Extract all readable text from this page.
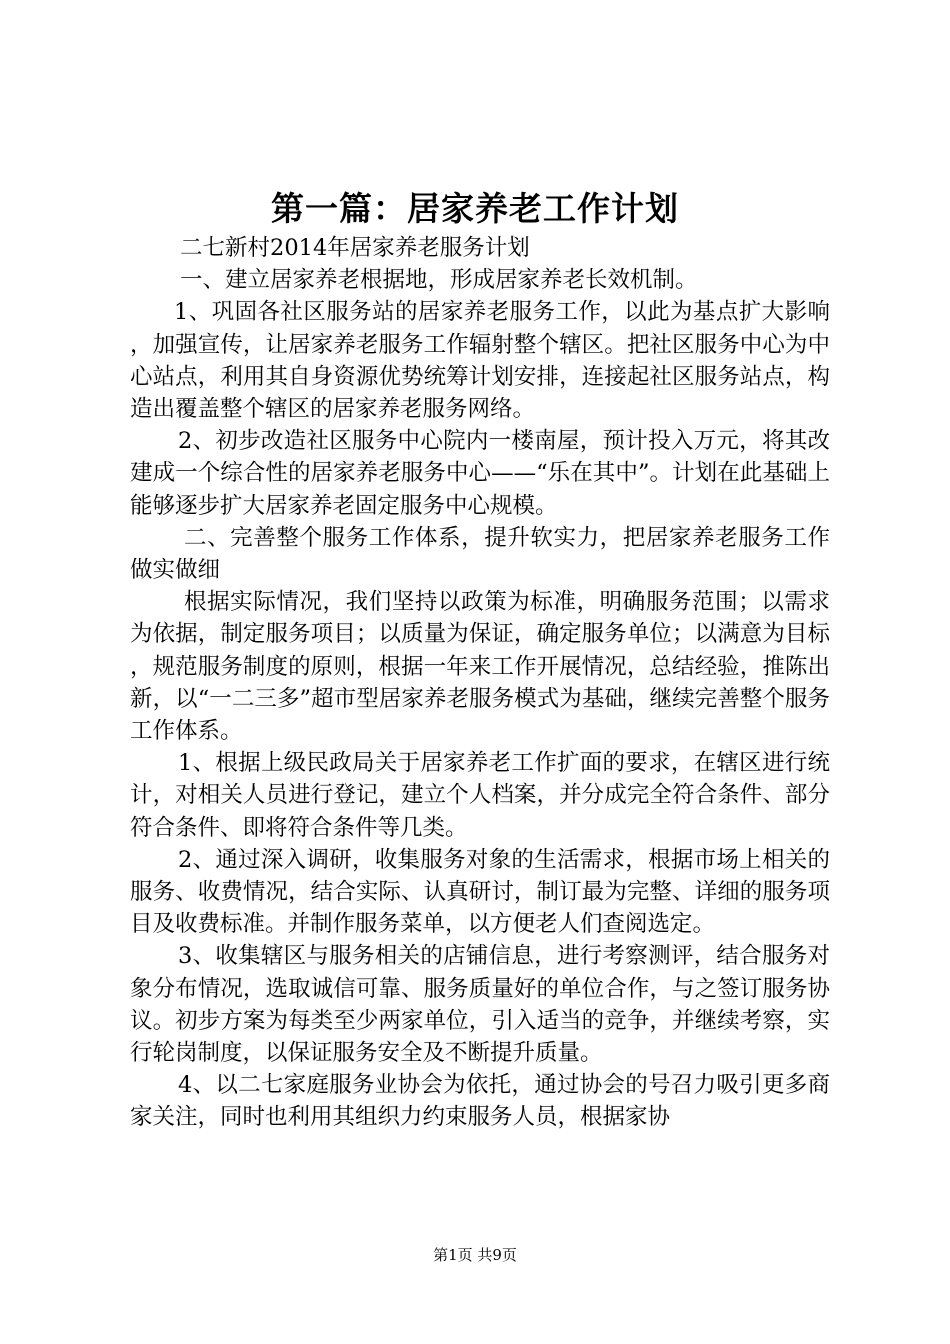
第一篇：居家养老工作计划

二七新村2014年居家养老服务计划

一、建立居家养老根据地，形成居家养老长效机制。

1、巩固各社区服务站的居家养老服务工作，以此为基点扩大影响，加强宣传，让居家养老服务工作辐射整个辖区。把社区服务中心为中心站点，利用其自身资源优势统筹计划安排，连接起社区服务站点，构造出覆盖整个辖区的居家养老服务网络。

2、初步改造社区服务中心院内一楼南屋，预计投入万元，将其改建成一个综合性的居家养老服务中心——“乐在其中”。计划在此基础上能够逐步扩大居家养老固定服务中心规模。

二、完善整个服务工作体系，提升软实力，把居家养老服务工作做实做细

根据实际情况，我们坚持以政策为标准，明确服务范围；以需求为依据，制定服务项目；以质量为保证，确定服务单位；以满意为目标，规范服务制度的原则，根据一年来工作开展情况，总结经验，推陈出新，以“一二三多”超市型居家养老服务模式为基础，继续完善整个服务工作体系。

1、根据上级民政局关于居家养老工作扩面的要求，在辖区进行统计，对相关人员进行登记，建立个人档案，并分成完全符合条件、部分符合条件、即将符合条件等几类。

2、通过深入调研，收集服务对象的生活需求，根据市场上相关的服务、收费情况，结合实际、认真研讨，制订最为完整、详细的服务项目及收费标准。并制作服务菜单，以方便老人们查阅选定。

3、收集辖区与服务相关的店铺信息，进行考察测评，结合服务对象分布情况，选取诚信可靠、服务质量好的单位合作，与之签订服务协议。初步方案为每类至少两家单位，引入适当的竞争，并继续考察，实行轮岗制度，以保证服务安全及不断提升质量。

4、以二七家庭服务业协会为依托，通过协会的号召力吸引更多商家关注，同时也利用其组织力约束服务人员，根据家协

第1页 共9页
